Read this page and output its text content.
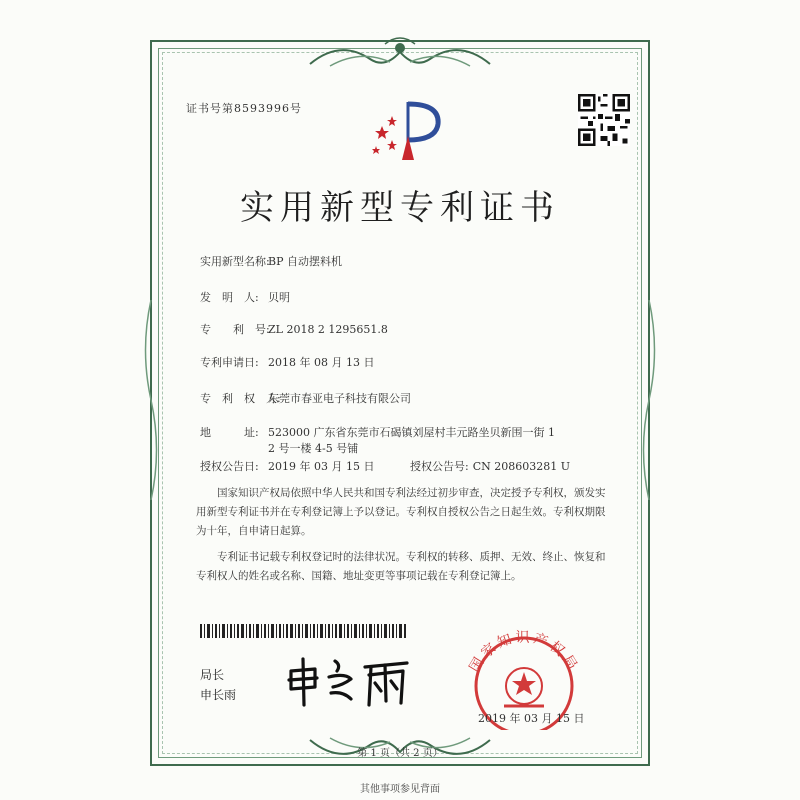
证书号第8593996号
实用新型专利证书
实用新型名称:BP 自动摆料机
发　明　人: 贝明
专　　利　号:ZL 2018 2 1295651.8
专利申请日: 2018 年 08 月 13 日
专　利　权　人:东莞市春亚电子科技有限公司
地　　　址: 523000 广东省东莞市石碣镇刘屋村丰元路坐贝新围一街 1
2 号一楼 4-5 号铺
授权公告日: 2019 年 03 月 15 日	授权公告号: CN 208603281 U
国家知识产权局依照中华人民共和国专利法经过初步审查，决定授予专利权，颁发实用新型专利证书并在专利登记簿上予以登记。专利权自授权公告之日起生效。专利权期限为十年，自申请日起算。
专利证书记载专利权登记时的法律状况。专利权的转移、质押、无效、终止、恢复和专利权人的姓名或名称、国籍、地址变更等事项记载在专利登记簿上。
局长
申长雨
国家知识产权局
2019 年 03 月 15 日
第 1 页（共 2 页）
其他事项参见背面
